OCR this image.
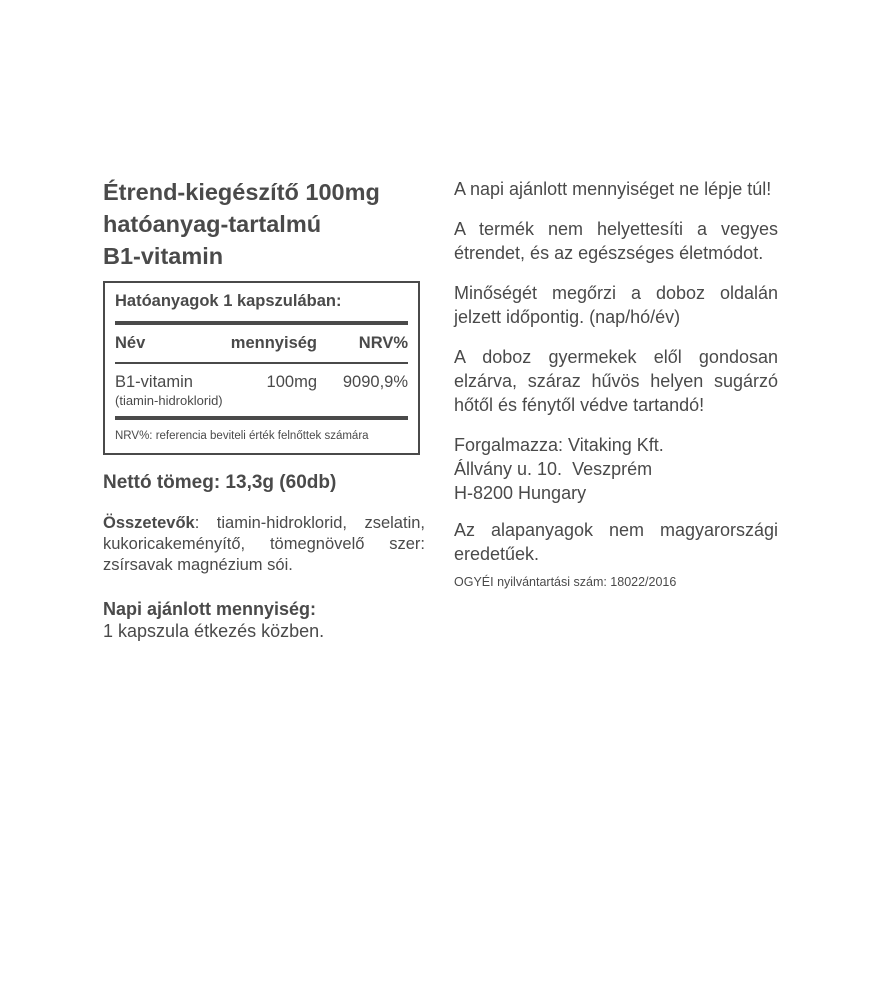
Étrend-kiegészítő 100mg
hatóanyag-tartalmú
B1-vitamin
Hatóanyagok 1 kapszulában:
Név	mennyiség	NRV%
B1-vitamin	100mg	9090,9%
(tiamin-hidroklorid)
NRV%: referencia beviteli érték felnőttek számára
Nettó tömeg: 13,3g (60db)

Összetevők: tiamin-hidroklorid, zselatin, kukoricakeményítő, tömegnövelő szer: zsírsavak magnézium sói.

Napi ajánlott mennyiség:
1 kapszula étkezés közben.

A napi ajánlott mennyiséget ne lépje túl!

A termék nem helyettesíti a vegyes étrendet, és az egészséges életmódot.

Minőségét megőrzi a doboz oldalán jelzett időpontig. (nap/hó/év)

A doboz gyermekek elől gondosan elzárva, száraz hűvös helyen sugárzó hőtől és fénytől védve tartandó!

Forgalmazza: Vitaking Kft.
Állvány u. 10.  Veszprém
H-8200 Hungary

Az alapanyagok nem magyarországi eredetűek.

OGYÉI nyilvántartási szám: 18022/2016
